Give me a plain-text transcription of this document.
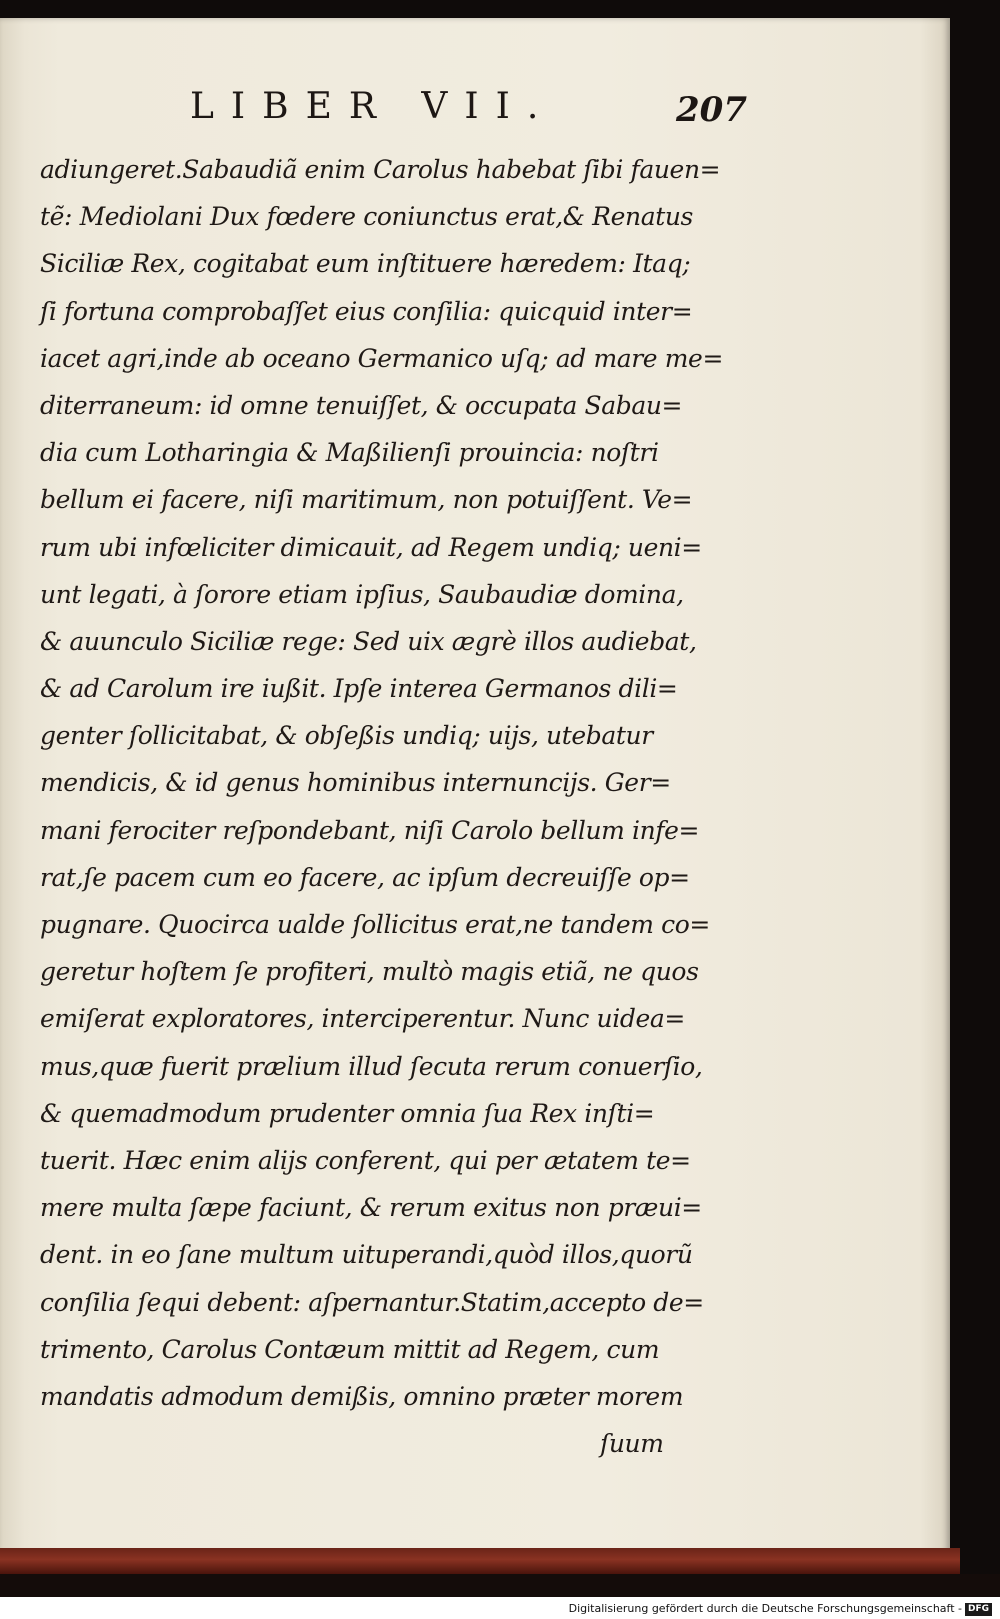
LIBER VII.	207
adiungeret.Sabaudiã enim Carolus habebat ſibi fauen=
tẽ: Mediolani Dux fœdere coniunctus erat,& Renatus
Siciliæ Rex, cogitabat eum inſtituere hæredem: Itaq;
ſi fortuna comprobaſſet eius conſilia: quicquid inter=
iacet agri,inde ab oceano Germanico uſq; ad mare me=
diterraneum: id omne tenuiſſet, & occupata Sabau=
dia cum Lotharingia & Maßilienſi prouincia: noſtri
bellum ei facere, niſi maritimum, non potuiſſent. Ve=
rum ubi infœliciter dimicauit, ad Regem undiq; ueni=
unt legati, à ſorore etiam ipſius, Saubaudiæ domina,
& auunculo Siciliæ rege: Sed uix ægrè illos audiebat,
& ad Carolum ire iußit. Ipſe interea Germanos dili=
genter ſollicitabat, & obſeßis undiq; uijs, utebatur
mendicis, & id genus hominibus internuncijs. Ger=
mani ferociter reſpondebant, niſi Carolo bellum infe=
rat,ſe pacem cum eo facere, ac ipſum decreuiſſe op=
pugnare. Quocirca ualde ſollicitus erat,ne tandem co=
geretur hoſtem ſe profiteri, multò magis etiã, ne quos
emiſerat exploratores, interciperentur. Nunc uidea=
mus,quæ fuerit prælium illud ſecuta rerum conuerſio,
& quemadmodum prudenter omnia ſua Rex inſti=
tuerit. Hæc enim alijs conferent, qui per ætatem te=
mere multa ſæpe faciunt, & rerum exitus non præui=
dent. in eo ſane multum uituperandi,quòd illos,quorũ
conſilia ſequi debent: aſpernantur.Statim,accepto de=
trimento, Carolus Contæum mittit ad Regem, cum
mandatis admodum demißis, omnino præter morem
ſuum
Digitalisierung gefördert durch die Deutsche Forschungsgemeinschaft - DFG
